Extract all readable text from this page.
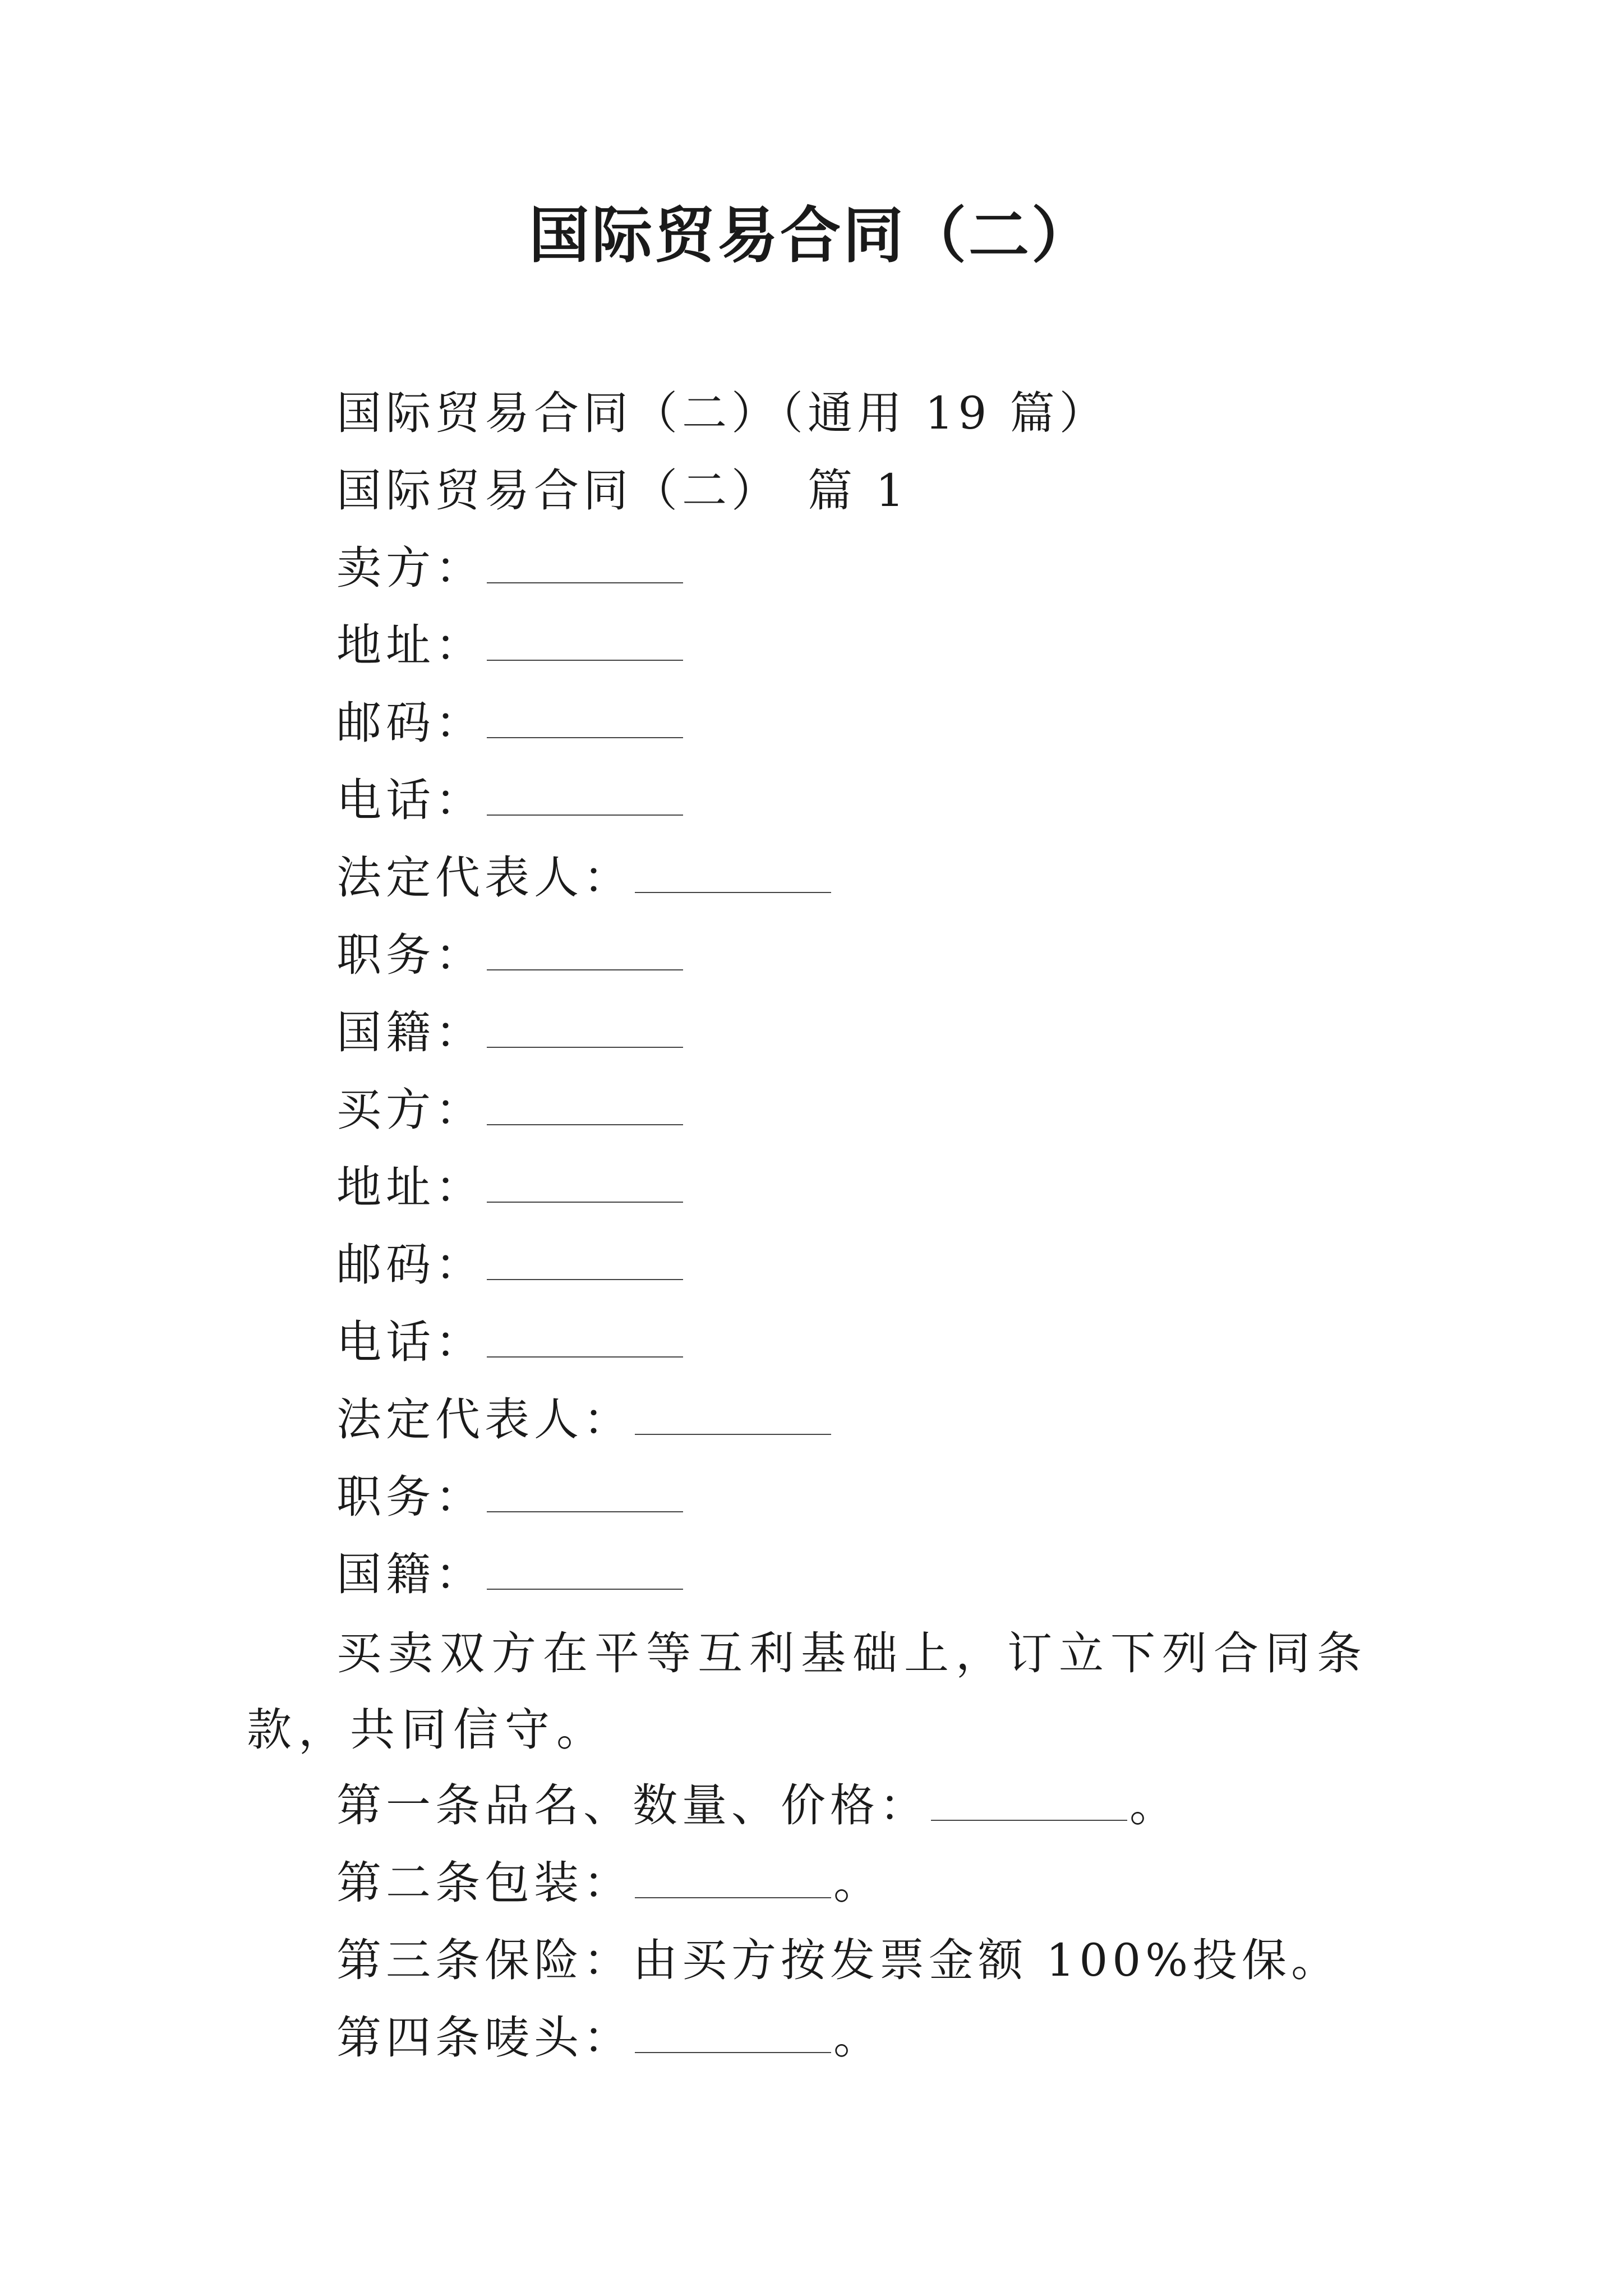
国际贸易合同（二）
国际贸易合同（二）（通用 19 篇）
国际贸易合同（二）　篇 1
卖方：
地址：
邮码：
电话：
法定代表人：
职务：
国籍：
买方：
地址：
邮码：
电话：
法定代表人：
职务：
国籍：

买卖双方在平等互利基础上，订立下列合同条款，共同信守。

第一条品名、数量、价格：	。
第二条包装：	。
第三条保险：由买方按发票金额 100%投保。
第四条唛头：	。
